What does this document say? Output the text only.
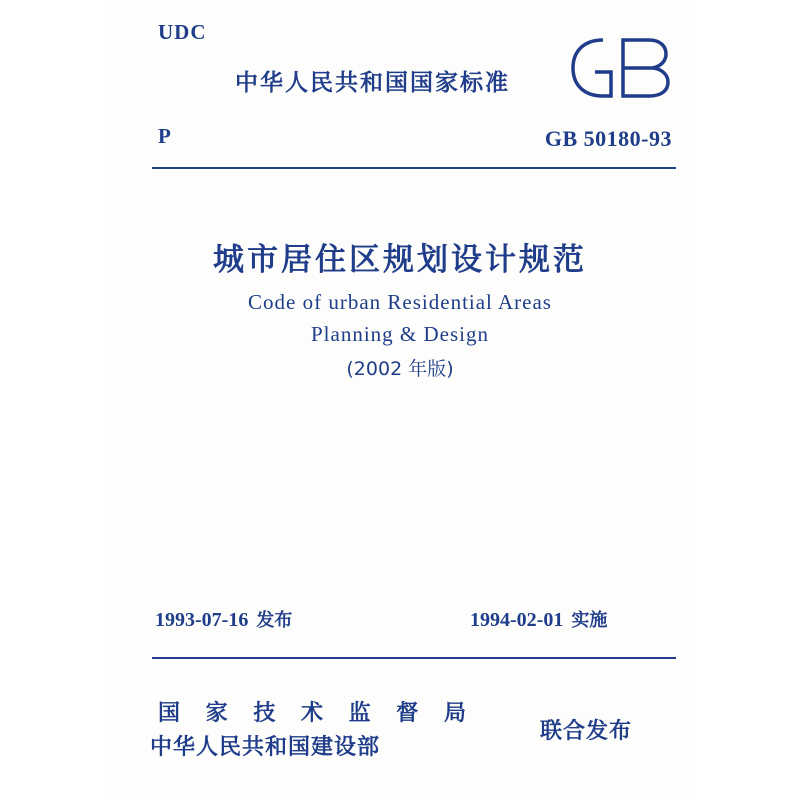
UDC
中华人民共和国国家标准
P	GB 50180-93
城市居住区规划设计规范
Code of urban Residential Areas
Planning & Design
(2002 年版)
1993-07-16 发布	1994-02-01 实施
国 家 技 术 监 督 局
中华人民共和国建设部
联合发布
